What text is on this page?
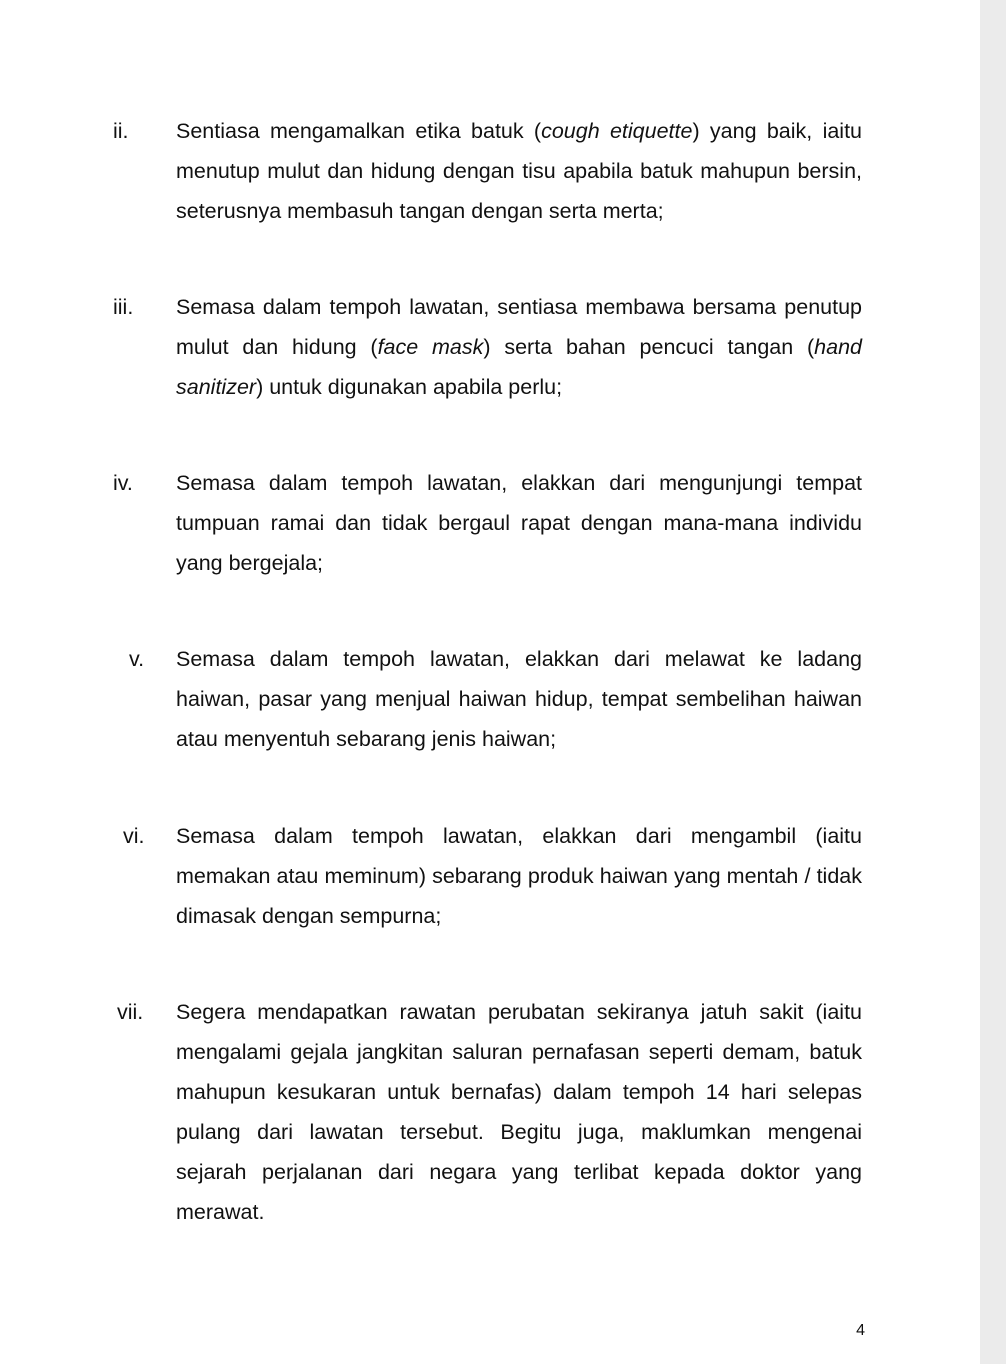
ii.	Sentiasa mengamalkan etika batuk (cough etiquette) yang baik, iaitu menutup mulut dan hidung dengan tisu apabila batuk mahupun bersin, seterusnya membasuh tangan dengan serta merta;
iii.	Semasa dalam tempoh lawatan, sentiasa membawa bersama penutup mulut dan hidung (face mask) serta bahan pencuci tangan (hand sanitizer) untuk digunakan apabila perlu;
iv.	Semasa dalam tempoh lawatan, elakkan dari mengunjungi tempat tumpuan ramai dan tidak bergaul rapat dengan mana-mana individu yang bergejala;
v.	Semasa dalam tempoh lawatan, elakkan dari melawat ke ladang haiwan, pasar yang menjual haiwan hidup, tempat sembelihan haiwan atau menyentuh sebarang jenis haiwan;
vi.	Semasa dalam tempoh lawatan, elakkan dari mengambil (iaitu memakan atau meminum) sebarang produk haiwan yang mentah / tidak dimasak dengan sempurna;
vii.	Segera mendapatkan rawatan perubatan sekiranya jatuh sakit (iaitu mengalami gejala jangkitan saluran pernafasan seperti demam, batuk mahupun kesukaran untuk bernafas) dalam tempoh 14 hari selepas pulang dari lawatan tersebut. Begitu juga, maklumkan mengenai sejarah perjalanan dari negara yang terlibat kepada doktor yang merawat.
4
